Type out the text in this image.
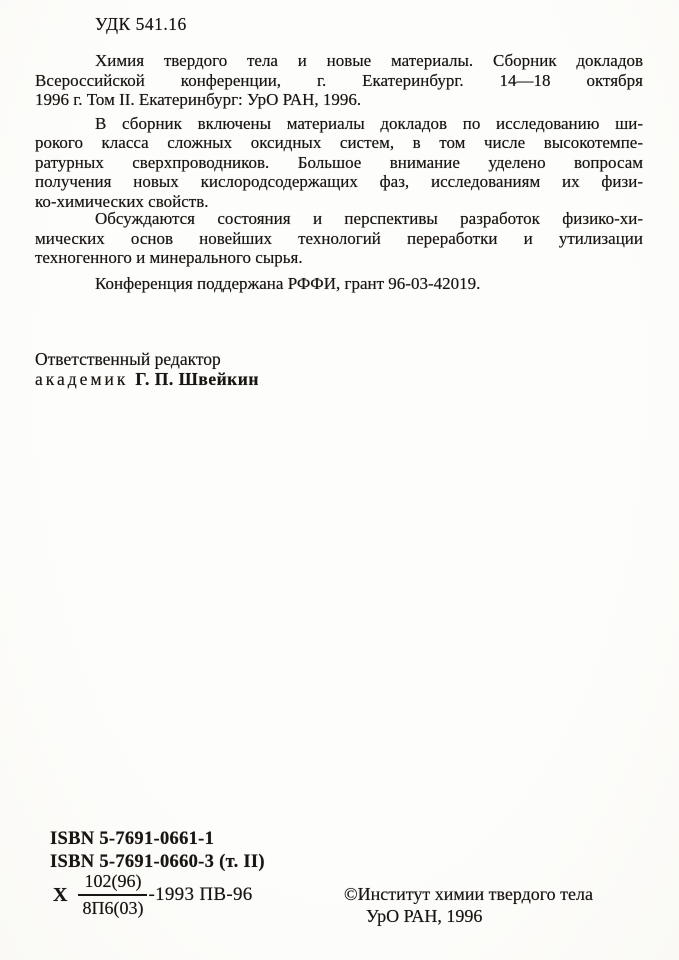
УДК 541.16
Химия твердого тела и новые материалы. Сборник докладов
Всероссийской конференции, г. Екатеринбург. 14—18 октября
1996 г. Том II. Екатеринбург: УрО РАН, 1996.
В сборник включены материалы докладов по исследованию ши-
рокого класса сложных оксидных систем, в том числе высокотемпе-
ратурных сверхпроводников. Большое внимание уделено вопросам
получения новых кислородсодержащих фаз, исследованиям их физи-
ко-химических свойств.
Обсуждаются состояния и перспективы разработок физико-хи-
мических основ новейших технологий переработки и утилизации
техногенного и минерального сырья.
Конференция поддержана РФФИ, грант 96-03-42019.
Ответственный редактор
академик Г. П. Швейкин
ISBN 5-7691-0661-1
ISBN 5-7691-0660-3 (т. II)
Х $\frac{102(96)}{8П6(03)} -1993$ ПВ-96	©Институт химии твердого тела
УрО РАН, 1996
